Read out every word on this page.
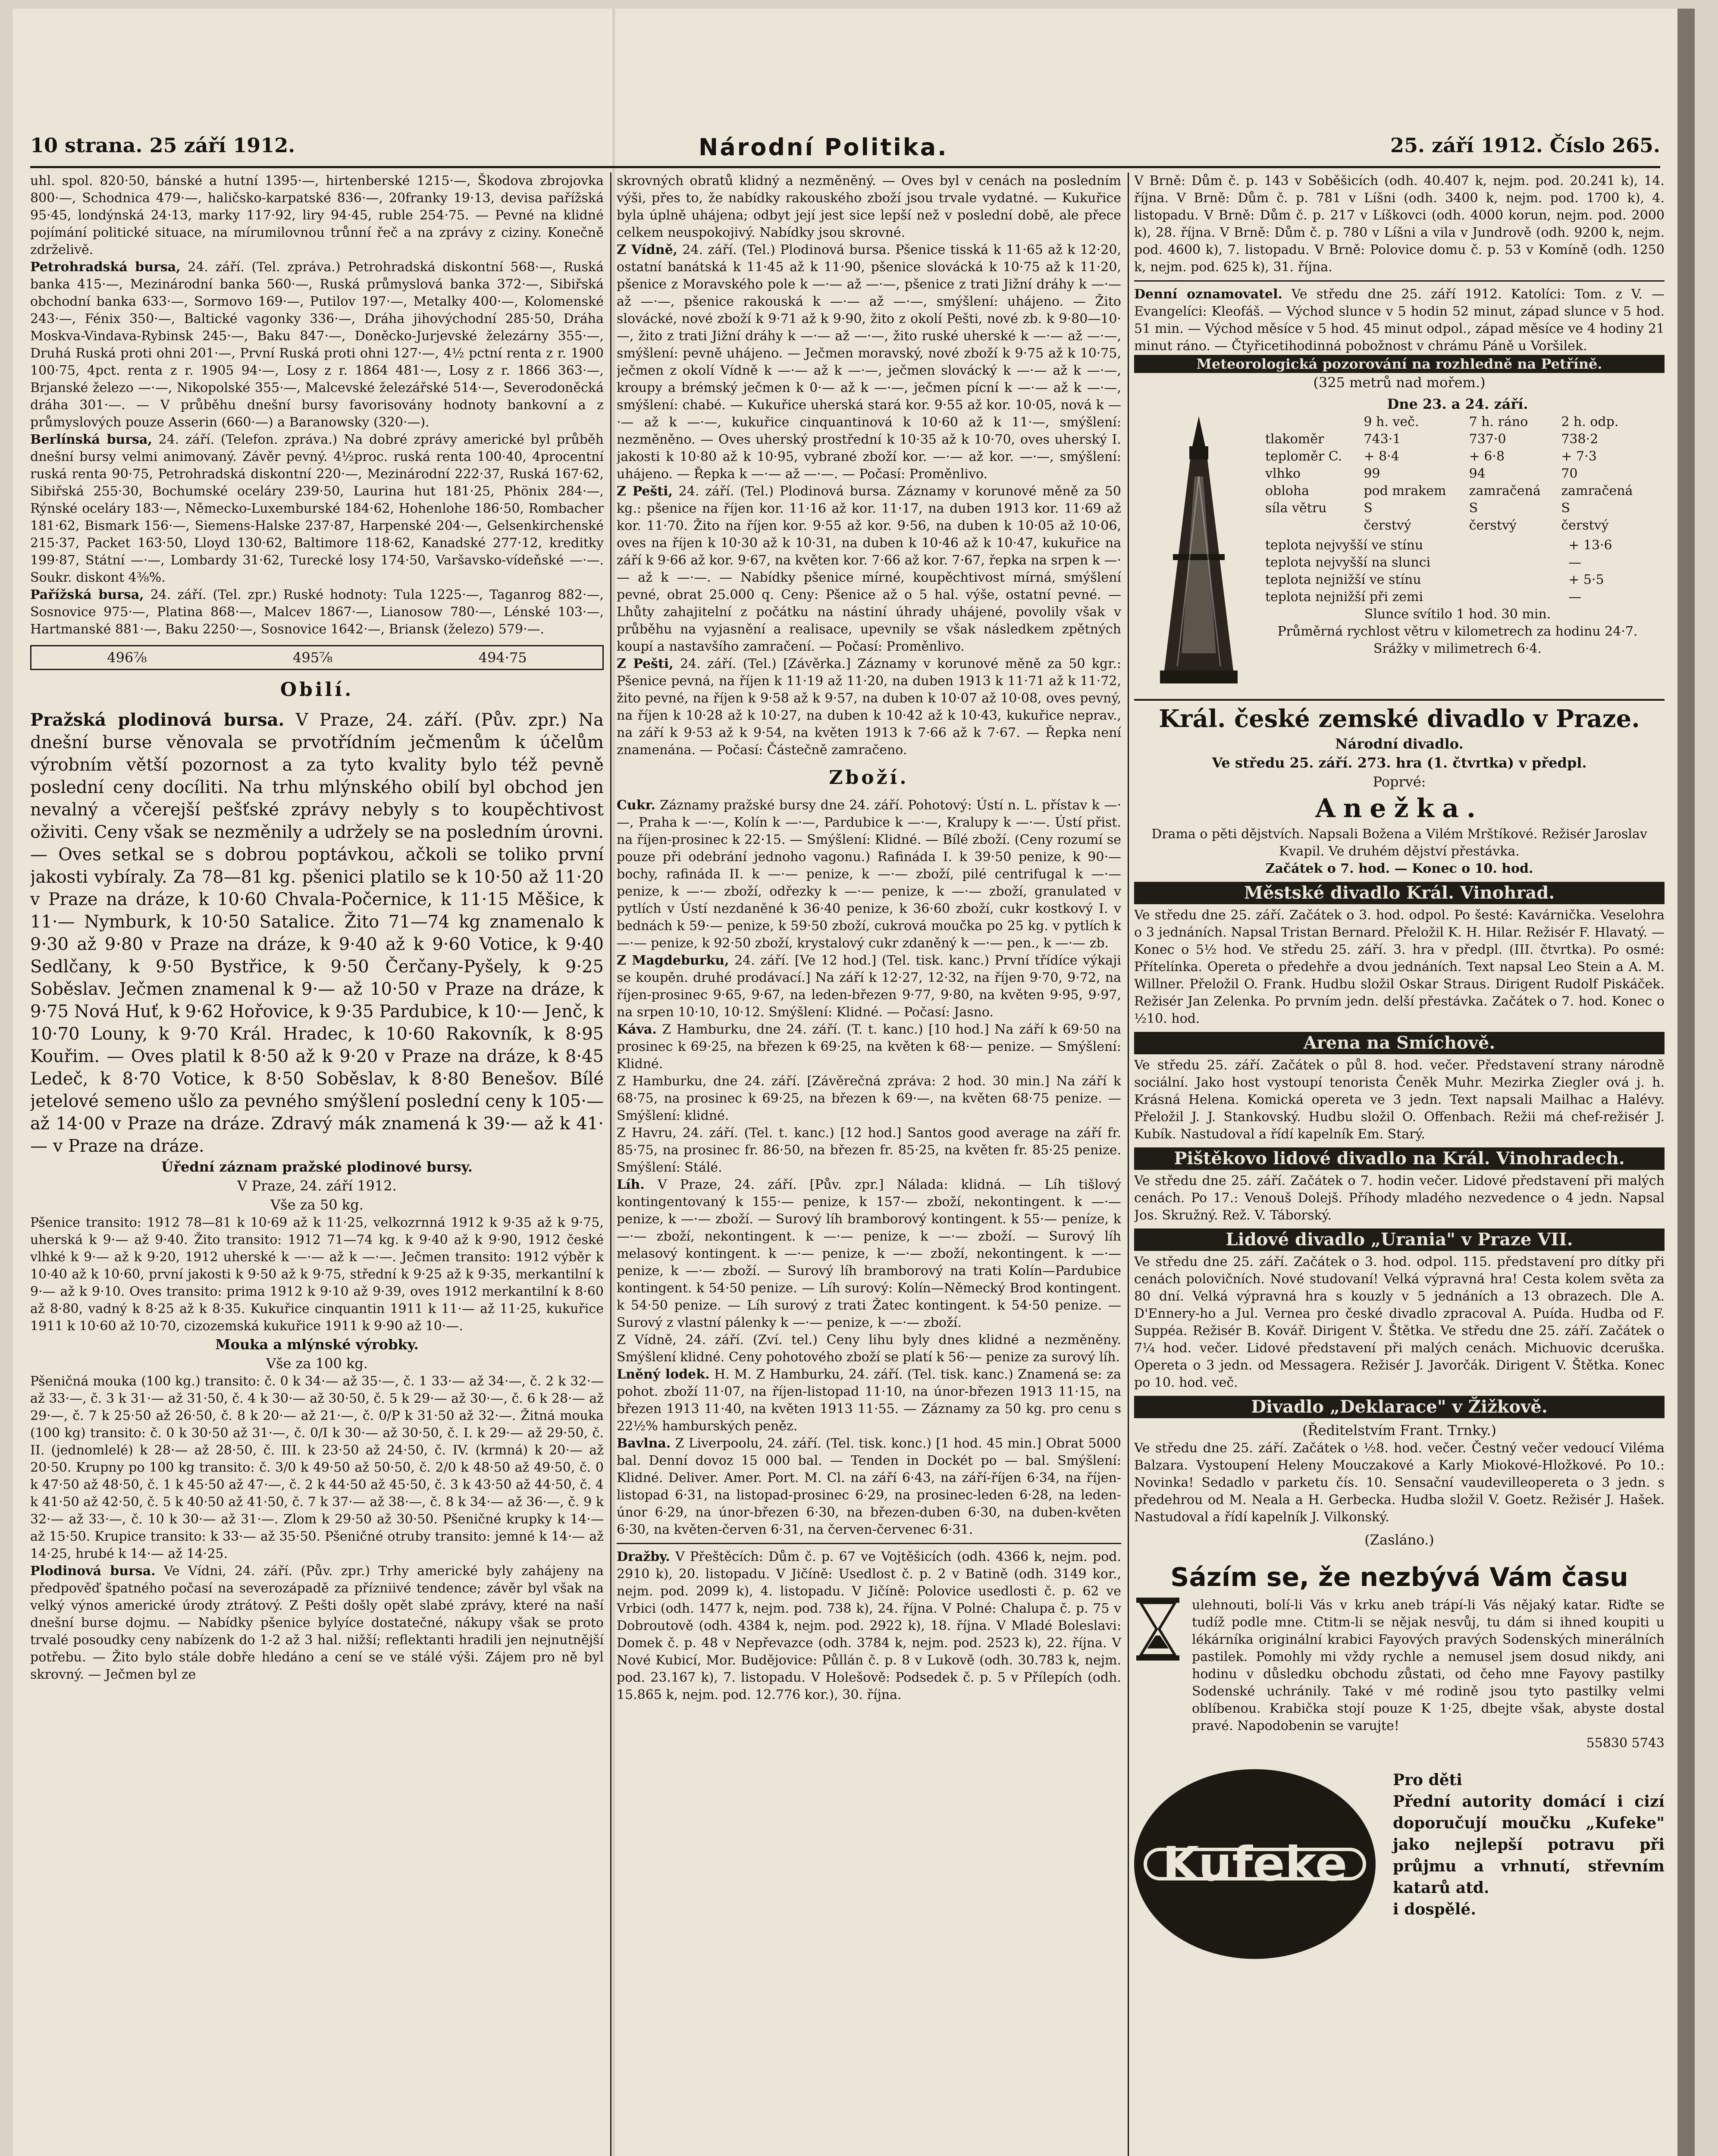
10 strana. 25 září 1912.	Národní Politika.	25. září 1912. Číslo 265.

uhl. spol. 820·50, bánské a hutní 1395·—, hirtenberské 1215·—, Škodova zbrojovka 800·—, Schodnica 479·—, haličsko-karpatské 836·—, 20franky 19·13, devisa pařížská 95·45, londýnská 24·13, marky 117·92, liry 94·45, ruble 254·75. — Pevné na klidné pojímání politické situace, na mírumilovnou trůnní řeč a na zprávy z ciziny. Konečně zdrželivě.

Petrohradská bursa, 24. září. (Tel. zpráva.) Petrohradská diskontní 568·—, Ruská banka 415·—, Mezinárodní banka 560·—, Ruská průmyslová banka 372·—, Sibiřská obchodní banka 633·—, Sormovo 169·—, Putilov 197·—, Metalky 400·—, Kolomenské 243·—, Fénix 350·—, Baltické vagonky 336·—, Dráha jihovýchodní 285·50, Dráha Moskva-Vindava-Rybinsk 245·—, Baku 847·—, Doněcko-Jurjevské železárny 355·—, Druhá Ruská proti ohni 201·—, První Ruská proti ohni 127·—, 4½ pctní renta z r. 1900 100·75, 4pct. renta z r. 1905 94·—, Losy z r. 1864 481·—, Losy z r. 1866 363·—, Brjanské železo —·—, Nikopolské 355·—, Malcevské železářské 514·—, Severodoněcká dráha 301·—. — V průběhu dnešní bursy favorisovány hodnoty bankovní a z průmyslových pouze Asserin (660·—) a Baranowsky (320·—).

Berlínská bursa, 24. září. (Telefon. zpráva.) Na dobré zprávy americké byl průběh dnešní bursy velmi animovaný. Závěr pevný. 4½proc. ruská renta 100·40, 4procentní ruská renta 90·75, Petrohradská diskontní 220·—, Mezinárodní 222·37, Ruská 167·62, Sibiřská 255·30, Bochumské oceláry 239·50, Laurina hut 181·25, Phönix 284·—, Rýnské oceláry 183·—, Německo-Luxemburské 184·62, Hohenlohe 186·50, Rombacher 181·62, Bismark 156·—, Siemens-Halske 237·87, Harpenské 204·—, Gelsenkirchenské 215·37, Packet 163·50, Lloyd 130·62, Baltimore 118·62, Kanadské 277·12, kreditky 199·87, Státní —·—, Lombardy 31·62, Turecké losy 174·50, Varšavsko-vídeňské —·—. Soukr. diskont 4⅜%.

Pařížská bursa, 24. září. (Tel. zpr.) Ruské hodnoty: Tula 1225·—, Taganrog 882·—, Sosnovice 975·—, Platina 868·—, Malcev 1867·—, Lianosow 780·—, Lénské 103·—, Hartmanské 881·—, Baku 2250·—, Sosnovice 1642·—, Briansk (železo) 579·—.

496⅞	495⅞	494·75
Obilí.

Pražská plodinová bursa. V Praze, 24. září. (Pův. zpr.) Na dnešní burse věnovala se prvotřídním ječmenům k účelům výrobním větší pozornost a za tyto kvality bylo též pevně poslední ceny docíliti. Na trhu mlýnského obilí byl obchod jen nevalný a včerejší pešťské zprávy nebyly s to koupěchtivost oživiti. Ceny však se nezměnily a udržely se na posledním úrovni. — Oves setkal se s dobrou poptávkou, ačkoli se tolikо první jakosti vybíraly. Za 78—81 kg. pšenici platilo se k 10·50 až 11·20 v Praze na dráze, k 10·60 Chvala-Počernice, k 11·15 Měšice, k 11·— Nymburk, k 10·50 Satalice. Žito 71—74 kg znamenalo k 9·30 až 9·80 v Praze na dráze, k 9·40 až k 9·60 Votice, k 9·40 Sedlčany, k 9·50 Bystřice, k 9·50 Čerčany-Pyšely, k 9·25 Soběslav. Ječmen znamenal k 9·— až 10·50 v Praze na dráze, k 9·75 Nová Huť, k 9·62 Hořovice, k 9·35 Pardubice, k 10·— Jenč, k 10·70 Louny, k 9·70 Král. Hradec, k 10·60 Rakovník, k 8·95 Kouřim. — Oves platil k 8·50 až k 9·20 v Praze na dráze, k 8·45 Ledeč, k 8·70 Votice, k 8·50 Soběslav, k 8·80 Benešov. Bílé jetelové semeno ušlo za pevného smýšlení poslední ceny k 105·— až 14·00 v Praze na dráze. Zdravý mák znamená k 39·— až k 41·— v Praze na dráze.

Úřední záznam pražské plodinové bursy.
V Praze, 24. září 1912.
Vše za 50 kg.

Pšenice transito: 1912 78—81 k 10·69 až k 11·25, velkozrnná 1912 k 9·35 až k 9·75, uherská k 9·— až 9·40. Žito transito: 1912 71—74 kg. k 9·40 až k 9·90, 1912 české vlhké k 9·— až k 9·20, 1912 uherské k —·— až k —·—. Ječmen transito: 1912 výběr k 10·40 až k 10·60, první jakosti k 9·50 až k 9·75, střední k 9·25 až k 9·35, merkantilní k 9·— až k 9·10. Oves transito: prima 1912 k 9·10 až 9·39, oves 1912 merkantilní k 8·60 až 8·80, vadný k 8·25 až k 8·35. Kukuřice cinquantin 1911 k 11·— až 11·25, kukuřice 1911 k 10·60 až 10·70, cizozemská kukuřice 1911 k 9·90 až 10·—.

Mouka a mlýnské výrobky.
Vše za 100 kg.

Pšeničná mouka (100 kg.) transito: č. 0 k 34·— až 35·—, č. 1 33·— až 34·—, č. 2 k 32·— až 33·—, č. 3 k 31·— až 31·50, č. 4 k 30·— až 30·50, č. 5 k 29·— až 30·—, č. 6 k 28·— až 29·—, č. 7 k 25·50 až 26·50, č. 8 k 20·— až 21·—, č. 0/P k 31·50 až 32·—. Žitná mouka (100 kg) transito: č. 0 k 30·50 až 31·—, č. 0/I k 30·— až 30·50, č. I. k 29·— až 29·50, č. II. (jednomlelé) k 28·— až 28·50, č. III. k 23·50 až 24·50, č. IV. (krmná) k 20·— až 20·50. Krupny po 100 kg transito: č. 3/0 k 49·50 až 50·50, č. 2/0 k 48·50 až 49·50, č. 0 k 47·50 až 48·50, č. 1 k 45·50 až 47·—, č. 2 k 44·50 až 45·50, č. 3 k 43·50 až 44·50, č. 4 k 41·50 až 42·50, č. 5 k 40·50 až 41·50, č. 7 k 37·— až 38·—, č. 8 k 34·— až 36·—, č. 9 k 32·— až 33·—, č. 10 k 30·— až 31·—. Zlom k 29·50 až 30·50. Pšeničné krupky k 14·— až 15·50. Krupice transito: k 33·— až 35·50. Pšeničné otruby transito: jemné k 14·— až 14·25, hrubé k 14·— až 14·25.

Plodinová bursa. Ve Vídni, 24. září. (Pův. zpr.) Trhy americké byly zahájeny na předpověď špatného počasí na severozápadě za přízniivé tendence; závěr byl však na velký výnos americké úrody ztrátový. Z Pešti došly opět slabé zprávy, které na naší dnešní burse dojmu. — Nabídky pšenice bylyíce dostatečné, nákupy však se proto trvalé posoudky ceny nabízenk do 1-2 až 3 hal. nižší; reflektanti hradili jen nejnutnější potřebu. — Žito bylo stále dobře hledáno a cení se ve stálé výši. Zájem pro ně byl skrovný. — Ječmen byl ze

skrovných obratů klidný a nezměněný. — Oves byl v cenách na posledním výši, přes to, že nabídky rakouského zboží jsou trvale vydatné. — Kukuřice byla úplně uhájena; odbyt její jest sice lepší než v poslední době, ale přece celkem neuspokojivý. Nabídky jsou skrovné.

Z Vídně, 24. září. (Tel.) Plodinová bursa. Pšenice tisská k 11·65 až k 12·20, ostatní banátská k 11·45 až k 11·90, pšenice slovácká k 10·75 až k 11·20, pšenice z Moravského pole k —·— až —·—, pšenice z trati Jižní dráhy k —·— až —·—, pšenice rakouská k —·— až —·—, smýšlení: uhájeno. — Žito slovácké, nové zboží k 9·71 až k 9·90, žito z okolí Pešti, nové zb. k 9·80—10·—, žito z trati Jižní dráhy k —·— až —·—, žito ruské uherské k —·— až —·—, smýšlení: pevně uhájeno. — Ječmen moravský, nové zboží k 9·75 až k 10·75, ječmen z okolí Vídně k —·— až k —·—, ječmen slovácký k —·— až k —·—, kroupy a brémský ječmen k 0·— až k —·—, ječmen pícní k —·— až k —·—, smýšlení: chabé. — Kukuřice uherská stará kor. 9·55 až kor. 10·05, nová k —·— až k —·—, kukuřice cinquantinová k 10·60 až k 11·—, smýšlení: nezměněno. — Oves uherský prostřední k 10·35 až k 10·70, oves uherský I. jakosti k 10·80 až k 10·95, vybrané zboží kor. —·— až kor. —·—, smýšlení: uhájeno. — Řepka k —·— až —·—. — Počasí: Proměnlivo.

Z Pešti, 24. září. (Tel.) Plodinová bursa. Záznamy v korunové měně za 50 kg.: pšenice na říjen kor. 11·16 až kor. 11·17, na duben 1913 kor. 11·69 až kor. 11·70. Žito na říjen kor. 9·55 až kor. 9·56, na duben k 10·05 až 10·06, oves na říjen k 10·30 až k 10·31, na duben k 10·46 až k 10·47, kukuřice na září k 9·66 až kor. 9·67, na květen kor. 7·66 až kor. 7·67, řepka na srpen k —·— až k —·—. — Nabídky pšenice mírné, koupěchtivost mírná, smýšlení pevné, obrat 25.000 q. Ceny: Pšenice až o 5 hal. výše, ostatní pevné. — Lhůty zahajitelní z počátku na nástiní úhrady uhájené, povolily však v průběhu na vyjasnění a realisace, upevnily se však následkem zpětných koupí a nastavšího zamračení. — Počasí: Proměnlivo.

Z Pešti, 24. září. (Tel.) [Závěrka.] Záznamy v korunové měně za 50 kgr.: Pšenice pevná, na říjen k 11·19 až 11·20, na duben 1913 k 11·71 až k 11·72, žito pevné, na říjen k 9·58 až k 9·57, na duben k 10·07 až 10·08, oves pevný, na říjen k 10·28 až k 10·27, na duben k 10·42 až k 10·43, kukuřice neprav., na září k 9·53 až k 9·54, na květen 1913 k 7·66 až k 7·67. — Řepka není znamenána. — Počasí: Částečně zamračeno.

Zboží.

Cukr. Záznamy pražské bursy dne 24. září. Pohotový: Ústí n. L. přístav k —·—, Praha k —·—, Kolín k —·—, Pardubice k —·—, Kralupy k —·—. Ústí přist. na říjen-prosinec k 22·15. — Smýšlení: Klidné. — Bílé zboží. (Ceny rozumí se pouze při odebrání jednoho vagonu.) Rafináda I. k 39·50 penize, k 90·— bochy, rafináda II. k —·— penize, k —·— zboží, pilé centrifugal k —·— penize, k —·— zboží, odřezky k —·— penize, k —·— zboží, granulated v pytlích v Ústí nezdaněné k 36·40 penize, k 36·60 zboží, cukr kostkový I. v bednách k 59·— penize, k 59·50 zboží, cukrová moučka po 25 kg. v pytlích k —·— penize, k 92·50 zboží, krystalový cukr zdaněný k —·— pen., k —·— zb.

Z Magdeburku, 24. září. [Ve 12 hod.] (Tel. tisk. kanc.) První třídíce výkaji se koupěn. druhé prodávací.] Na září k 12·27, 12·32, na říjen 9·70, 9·72, na říjen-prosinec 9·65, 9·67, na leden-březen 9·77, 9·80, na květen 9·95, 9·97, na srpen 10·10, 10·12. Smýšlení: Klidné. — Počasí: Jasno.

Káva. Z Hamburku, dne 24. září. (T. t. kanc.) [10 hod.] Na září k 69·50 na prosinec k 69·25, na březen k 69·25, na květen k 68·— penize. — Smýšlení: Klidné.

Z Hamburku, dne 24. září. [Závěrečná zpráva: 2 hod. 30 min.] Na září k 68·75, na prosinec k 69·25, na březen k 69·—, na květen 68·75 penize. — Smýšlení: klidné.

Z Havru, 24. září. (Tel. t. kanc.) [12 hod.] Santos good average na září fr. 85·75, na prosinec fr. 86·50, na březen fr. 85·25, na květen fr. 85·25 penize. Smýšlení: Stálé.

Líh. V Praze, 24. září. [Pův. zpr.] Nálada: klidná. — Líh tišlový kontingentovaný k 155·— penize, k 157·— zboží, nekontingent. k —·— penize, k —·— zboží. — Surový líh bramborový kontingent. k 55·— peníze, k —·— zboží, nekontingent. k —·— penize, k —·— zboží. — Surový líh melasový kontingent. k —·— penize, k —·— zboží, nekontingent. k —·— penize, k —·— zboží. — Surový líh bramborový na trati Kolín—Pardubice kontingent. k 54·50 penize. — Líh surový: Kolín—Německý Brod kontingent. k 54·50 penize. — Líh surový z trati Žatec kontingent. k 54·50 penize. — Surový z vlastní pálenky k —·— penize, k —·— zboží.

Z Vídně, 24. září. (Zví. tel.) Ceny lihu byly dnes klidné a nezměněny. Smýšlení klidné. Ceny pohotového zboží se platí k 56·— penize za surový líh.

Lněný lodek. H. M. Z Hamburku, 24. září. (Tel. tisk. kanc.) Znamená se: za pohot. zboží 11·07, na říjen-listopad 11·10, na únor-březen 1913 11·15, na březen 1913 11·40, na květen 1913 11·55. — Záznamy za 50 kg. pro cenu s 22½% hamburských peněz.

Bavlna. Z Liverpoolu, 24. září. (Tel. tisk. konc.) [1 hod. 45 min.] Obrat 5000 bal. Denní dovoz 15 000 bal. — Tenden in Dockét po — bal. Smýšlení: Klidné. Deliver. Amer. Port. M. Cl. na září 6·43, na září-říjen 6·34, na říjen-listopad 6·31, na listopad-prosinec 6·29, na prosinec-leden 6·28, na leden-únor 6·29, na únor-březen 6·30, na březen-duben 6·30, na duben-květen 6·30, na květen-červen 6·31, na červen-červenec 6·31.

Dražby. V Přeštěcích: Dům č. p. 67 ve Vojtěšicích (odh. 4366 k, nejm. pod. 2910 k), 20. listopadu. V Jičíně: Usedlost č. p. 2 v Batině (odh. 3149 kor., nejm. pod. 2099 k), 4. listopadu. V Jičíně: Polovice usedlosti č. p. 62 ve Vrbici (odh. 1477 k, nejm. pod. 738 k), 24. října. V Polné: Chalupa č. p. 75 v Dobroutově (odh. 4384 k, nejm. pod. 2922 k), 18. října. V Mladé Boleslavi: Domek č. p. 48 v Nepřevazce (odh. 3784 k, nejm. pod. 2523 k), 22. října. V Nové Kubicí, Mor. Budějovice: Půllán č. p. 8 v Lukově (odh. 30.783 k, nejm. pod. 23.167 k), 7. listopadu. V Holešově: Podsedek č. p. 5 v Přílepích (odh. 15.865 k, nejm. pod. 12.776 kor.), 30. října.

V Brně: Dům č. p. 143 v Soběšicích (odh. 40.407 k, nejm. pod. 20.241 k), 14. října. V Brně: Dům č. p. 781 v Líšni (odh. 3400 k, nejm. pod. 1700 k), 4. listopadu. V Brně: Dům č. p. 217 v Líškovci (odh. 4000 korun, nejm. pod. 2000 k), 28. října. V Brně: Dům č. p. 780 v Líšni a vila v Jundrově (odh. 9200 k, nejm. pod. 4600 k), 7. listopadu. V Brně: Polovice domu č. p. 53 v Komíně (odh. 1250 k, nejm. pod. 625 k), 31. října.

Denní oznamovatel. Ve středu dne 25. září 1912. Katolíci: Tom. z V. — Evangelíci: Kleofáš. — Východ slunce v 5 hodin 52 minut, západ slunce v 5 hod. 51 min. — Východ měsíce v 5 hod. 45 minut odpol., západ měsíce ve 4 hodiny 21 minut ráno. — Čtyřicetihodinná pobožnost v chrámu Páně u Voršilek.

Meteorologická pozorování na rozhledně na Petříně.
(325 metrů nad mořem.)
Dne 23. a 24. září.
	9 h. več.	7 h. ráno	2 h. odp.
tlakoměr	743·1	737·0	738·2
teploměr C.	+ 8·4	+ 6·8	+ 7·3
vlhko	99	94	70
oblohа	pod mrakem	zamračená	zamračená
síla větru	S	S	S
	čerstvý	čerstvý	čerstvý
teplota nejvyšší ve stínu	+ 13·6
teplota nejvyšší na slunci	—
teplota nejnižší ve stínu	+ 5·5
teplota nejnižší při zemi	—
Slunce svítilo 1 hod. 30 min.
Průměrná rychlost větru v kilometrech za hodinu 24·7.
Srážky v milimetrech 6·4.
Král. české zemské divadlo v Praze.
Národní divadlo.
Ve středu 25. září. 273. hra (1. čtvrtka) v předpl.
Poprvé:
Anežka.

Drama o pěti dějstvích. Napsali Božena a Vilém Mrštíkové. Režisér Jaroslav Kvapil. Ve druhém dějství přestávka.

Začátek o 7. hod. — Konec o 10. hod.

Městské divadlo Král. Vinohrad.

Ve středu dne 25. září. Začátek o 3. hod. odpol. Po šesté: Kavárnička. Veselohra o 3 jednáních. Napsal Tristan Bernard. Přeložil K. H. Hilar. Režisér F. Hlavatý. — Konec o 5½ hod. Ve středu 25. září. 3. hra v předpl. (III. čtvrtka). Po osmé: Přítelínka. Opereta o předehře a dvou jednáních. Text napsal Leo Stein a A. M. Willner. Přeložil O. Frank. Hudbu složil Oskar Straus. Dirigent Rudolf Piskáček. Režisér Jan Zelenka. Po prvním jedn. delší přestávka. Začátek o 7. hod. Konec o ½10. hod.

Arena na Smíchově.

Ve středu 25. září. Začátek o půl 8. hod. večer. Představení strany národně sociální. Jako host vystoupí tenorista Čeněk Muhr. Mezirka Ziegler ová j. h. Krásná Helena. Komická opereta ve 3 jedn. Text napsali Mailhac a Halévy. Přeložil J. J. Stankovský. Hudbu složil O. Offenbach. Režii má chef-režisér J. Kubík. Nastudoval a řídí kapelník Em. Starý.

Pištěkovo lidové divadlo na Král. Vinohradech.

Ve středu dne 25. září. Začátek o 7. hodin večer. Lidové představení při malých cenách. Po 17.: Venouš Dolejš. Příhody mladého nezvedence o 4 jedn. Napsal Jos. Skružný. Rež. V. Táborský.

Lidové divadlo „Urania" v Praze VII.

Ve středu dne 25. září. Začátek o 3. hod. odpol. 115. představení pro dítky při cenách polovičních. Nové studovaní! Velká výpravná hra! Cesta kolem světa za 80 dní. Velká výpravná hra s kouzly v 5 jednáních a 13 obrazech. Dle A. D'Ennery-ho a Jul. Vernea pro české divadlo zpracoval A. Puída. Hudba od F. Suppéa. Režisér B. Kovář. Dirigent V. Štětka. Ve středu dne 25. září. Začátek o 7¼ hod. večer. Lidové představení při malých cenách. Michuovic dceruška. Opereta o 3 jedn. od Messagera. Režisér J. Javorčák. Dirigent V. Štětka. Konec po 10. hod. več.

Divadlo „Deklarace" v Žižkově.
(Ředitelstvím Frant. Trnky.)

Ve středu dne 25. září. Začátek o ½8. hod. večer. Čestný večer vedoucí Viléma Balzara. Vystoupení Heleny Mouczakové a Karly Miokové-Hložkové. Po 10.: Novinka! Sedadlo v parketu čís. 10. Sensační vaudevilleopereta o 3 jedn. s předehrou od M. Neala a H. Gerbecka. Hudba složil V. Goetz. Režisér J. Hašek. Nastudoval a řídí kapelník J. Vilkonský.

(Zasláno.)
Sázím se, že nezbývá Vám času

ulehnouti, bolí-li Vás v krku aneb trápí-li Vás nějaký katar. Riďte se tudíž podle mne. Ctitm-li se nějak nesvůj, tu dám si ihned koupiti u lékárníka originální krabici Fayových pravých Sodenských minerálních pastilek. Pomohly mi vždy rychle a nemusel jsem dosud nikdy, ani hodinu v důsledku obchodu zůstati, od čeho mne Fayovy pastilky Sodenské uchránily. Také v mé rodině jsou tyto pastilky velmi oblíbenou. Krabička stojí pouze K 1·25, dbejte však, abyste dostal pravé. Napodobenin se varujte!

55830 5743
Kufeke
Pro děti
Přední autority domácí i cizí doporučují moučku „Kufeke" jako nejlepší potravu při průjmu a vrhnutí, střevním katarů atd.
i dospělé.
